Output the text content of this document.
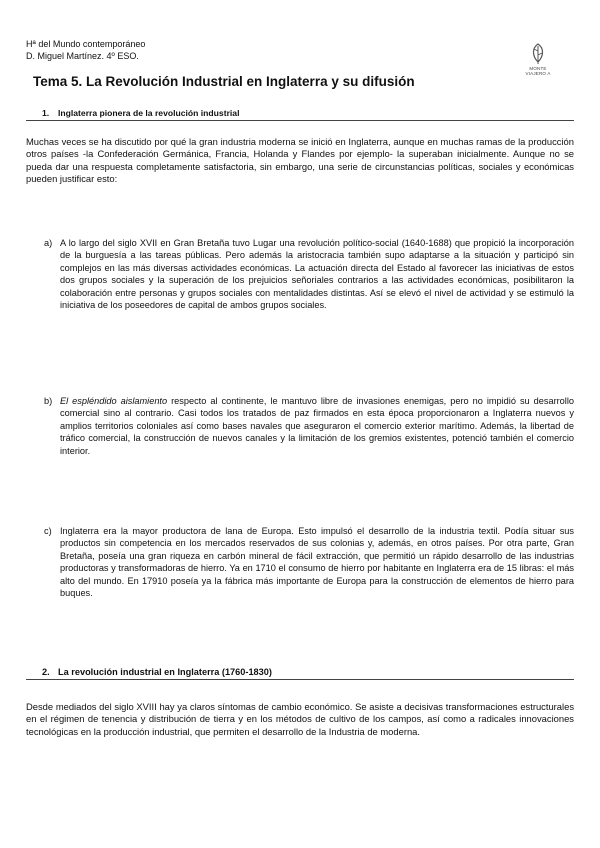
Hª del Mundo contemporáneo
D. Miguel Martínez. 4º ESO.
MONTE
VIAJERO A
Tema 5. La Revolución Industrial en Inglaterra y su difusión
1. Inglaterra pionera de la revolución industrial

Muchas veces se ha discutido por qué la gran industria moderna se inició en Inglaterra, aunque en muchas ramas de la producción otros países -la Confederación Germánica, Francia, Holanda y Flandes por ejemplo- la superaban inicialmente. Aunque no se pueda dar una respuesta completamente satisfactoria, sin embargo, una serie de circunstancias políticas, sociales y económicas pueden justificar esto:

a) A lo largo del siglo XVII en Gran Bretaña tuvo Lugar una revolución político-social (1640-1688) que propició la incorporación de la burguesía a las tareas públicas. Pero además la aristocracia también supo adaptarse a la situación y participó sin complejos en las más diversas actividades económicas. La actuación directa del Estado al favorecer las iniciativas de estos dos grupos sociales y la superación de los prejuicios señoriales contrarios a las actividades económicas, posibilitaron la colaboración entre personas y grupos sociales con mentalidades distintas. Así se elevó el nivel de actividad y se estimuló la iniciativa de los poseedores de capital de ambos grupos sociales.

b) El espléndido aislamiento respecto al continente, le mantuvo libre de invasiones enemigas, pero no impidió su desarrollo comercial sino al contrario. Casi todos los tratados de paz firmados en esta época proporcionaron a Inglaterra nuevos y amplios territorios coloniales así como bases navales que aseguraron el comercio exterior marítimo. Además, la libertad de tráfico comercial, la construcción de nuevos canales y la limitación de los gremios existentes, potenció también el comercio interior.

c) Inglaterra era la mayor productora de lana de Europa. Esto impulsó el desarrollo de la industria textil. Podía situar sus productos sin competencia en los mercados reservados de sus colonias y, además, en otros países. Por otra parte, Gran Bretaña, poseía una gran riqueza en carbón mineral de fácil extracción, que permitió un rápido desarrollo de las industrias productoras y transformadoras de hierro. Ya en 1710 el consumo de hierro por habitante en Inglaterra era de 15 libras: el más alto del mundo. En 17910 poseía ya la fábrica más importante de Europa para la construcción de elementos de hierro para buques.

2. La revolución industrial en Inglaterra (1760-1830)

Desde mediados del siglo XVIII hay ya claros síntomas de cambio económico. Se asiste a decisivas transformaciones estructurales en el régimen de tenencia y distribución de tierra y en los métodos de cultivo de los campos, así como a radicales innovaciones tecnológicas en la producción industrial, que permiten el desarrollo de la Industria de moderna.
